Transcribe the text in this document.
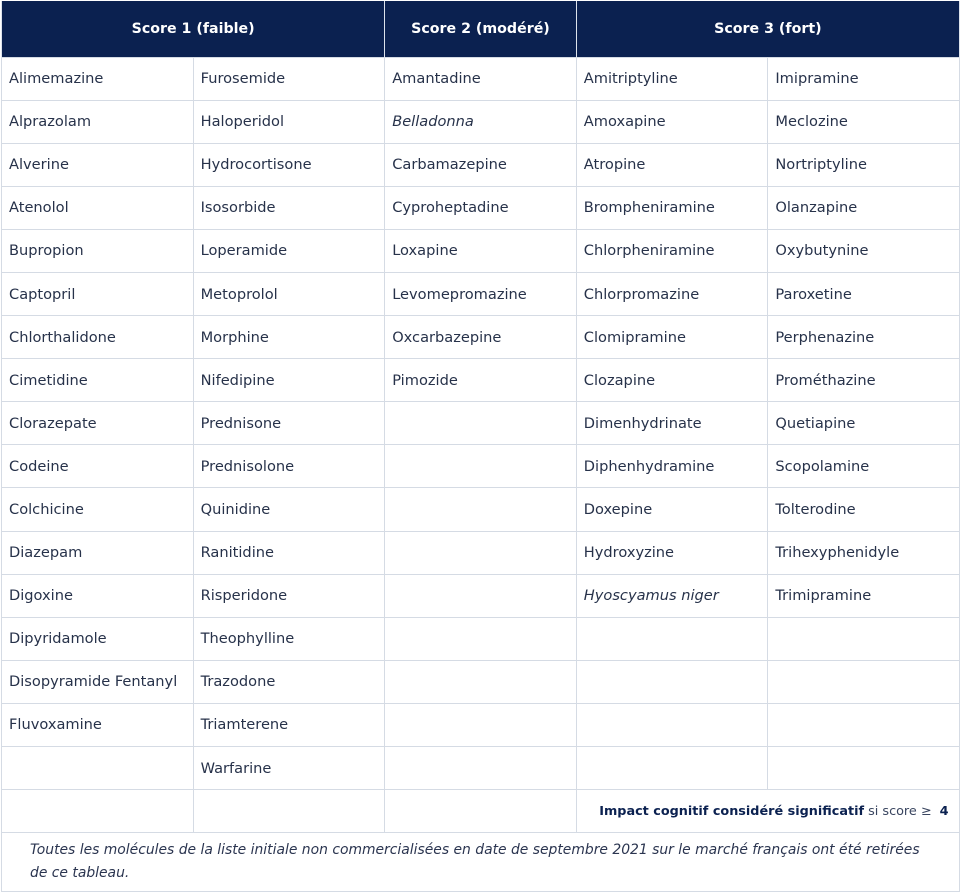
Score 1 (faible)		Score 2 (modéré)	Score 3 (fort)	
Alimemazine	Furosemide	Amantadine	Amitriptyline	Imipramine
Alprazolam	Haloperidol	Belladonna	Amoxapine	Meclozine
Alverine	Hydrocortisone	Carbamazepine	Atropine	Nortriptyline
Atenolol	Isosorbide	Cyproheptadine	Brompheniramine	Olanzapine
Bupropion	Loperamide	Loxapine	Chlorpheniramine	Oxybutynine
Captopril	Metoprolol	Levomepromazine	Chlorpromazine	Paroxetine
Chlorthalidone	Morphine	Oxcarbazepine	Clomipramine	Perphenazine
Cimetidine	Nifedipine	Pimozide	Clozapine	Prométhazine
Clorazepate	Prednisone		Dimenhydrinate	Quetiapine
Codeine	Prednisolone		Diphenhydramine	Scopolamine
Colchicine	Quinidine		Doxepine	Tolterodine
Diazepam	Ranitidine		Hydroxyzine	Trihexyphenidyle
Digoxine	Risperidone		Hyoscyamus niger	Trimipramine
Dipyridamole	Theophylline			
Disopyramide Fentanyl	Trazodone			
Fluvoxamine	Triamterene			
	Warfarine			
			Impact cognitif considéré significatif si score ≥ 4	
Toutes les molécules de la liste initiale non commercialisées en date de septembre 2021 sur le marché français ont été retirées de ce tableau.				
